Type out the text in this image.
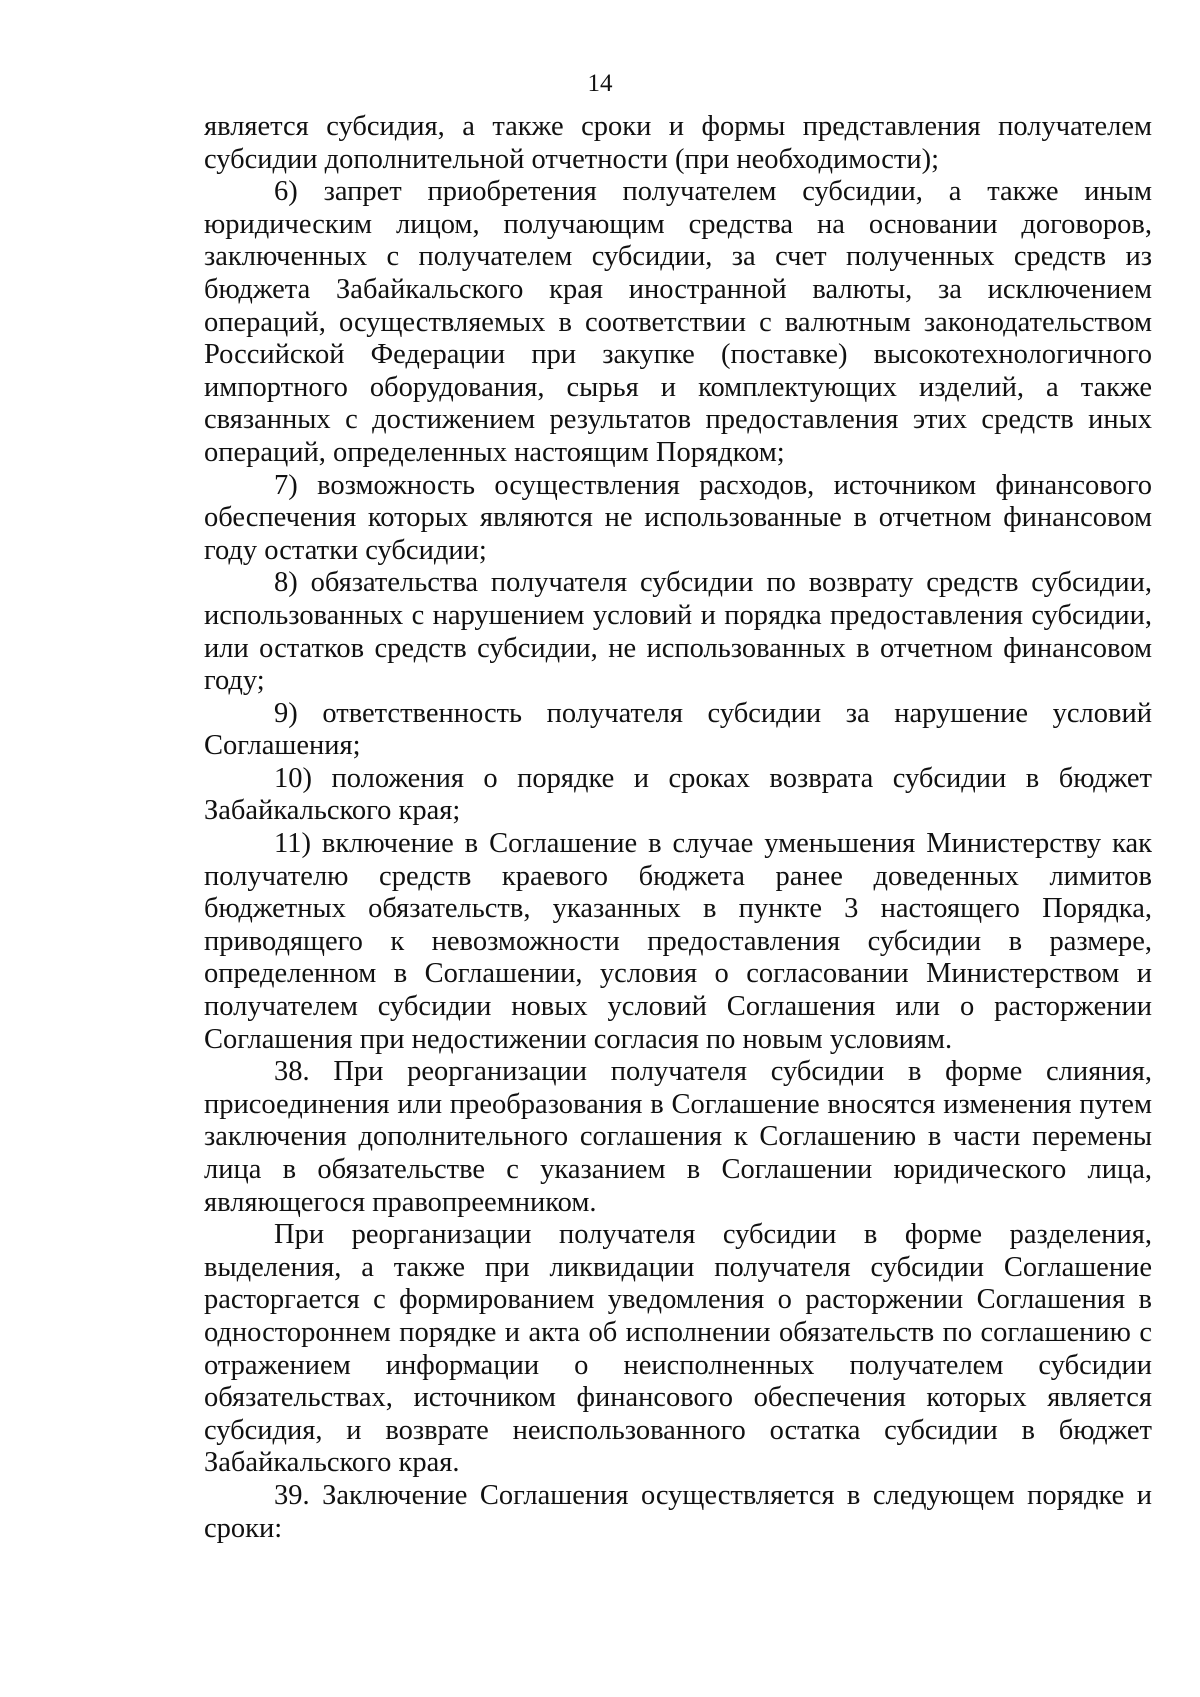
14

является субсидия, а также сроки и формы представления получателем субсидии дополнительной отчетности (при необходимости);

6) запрет приобретения получателем субсидии, а также иным юридическим лицом, получающим средства на основании договоров, заключенных с получателем субсидии, за счет полученных средств из бюджета Забайкальского края иностранной валюты, за исключением операций, осуществляемых в соответствии с валютным законодательством Российской Федерации при закупке (поставке) высокотехнологичного импортного оборудования, сырья и комплектующих изделий, а также связанных с достижением результатов предоставления этих средств иных операций, определенных настоящим Порядком;

7) возможность осуществления расходов, источником финансового обеспечения которых являются не использованные в отчетном финансовом году остатки субсидии;

8) обязательства получателя субсидии по возврату средств субсидии, использованных с нарушением условий и порядка предоставления субсидии, или остатков средств субсидии, не использованных в отчетном финансовом году;

9) ответственность получателя субсидии за нарушение условий Соглашения;

10) положения о порядке и сроках возврата субсидии в бюджет Забайкальского края;

11) включение в Соглашение в случае уменьшения Министерству как получателю средств краевого бюджета ранее доведенных лимитов бюджетных обязательств, указанных в пункте 3 настоящего Порядка, приводящего к невозможности предоставления субсидии в размере, определенном в Соглашении, условия о согласовании Министерством и получателем субсидии новых условий Соглашения или о расторжении Соглашения при недостижении согласия по новым условиям.

38. При реорганизации получателя субсидии в форме слияния, присоединения или преобразования в Соглашение вносятся изменения путем заключения дополнительного соглашения к Соглашению в части перемены лица в обязательстве с указанием в Соглашении юридического лица, являющегося правопреемником.

При реорганизации получателя субсидии в форме разделения, выделения, а также при ликвидации получателя субсидии Соглашение расторгается с формированием уведомления о расторжении Соглашения в одностороннем порядке и акта об исполнении обязательств по соглашению с отражением информации о неисполненных получателем субсидии обязательствах, источником финансового обеспечения которых является субсидия, и возврате неиспользованного остатка субсидии в бюджет Забайкальского края.

39. Заключение Соглашения осуществляется в следующем порядке и сроки:
